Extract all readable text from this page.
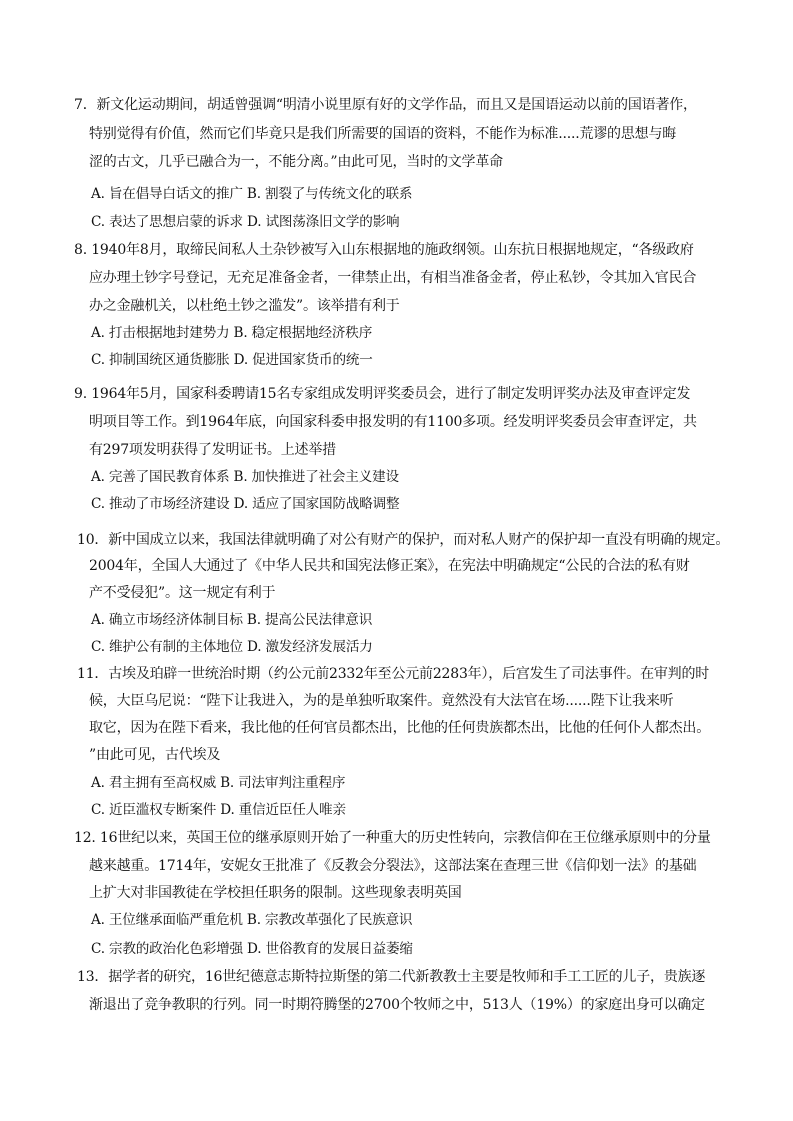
7．新文化运动期间，胡适曾强调“明清小说里原有好的文学作品，而且又是国语运动以前的国语著作，
特别觉得有价值，然而它们毕竟只是我们所需要的国语的资料，不能作为标准.....荒谬的思想与晦
涩的古文，几乎已融合为一，不能分离。”由此可见，当时的文学革命
A. 旨在倡导白话文的推广 B. 割裂了与传统文化的联系
C. 表达了思想启蒙的诉求 D. 试图荡涤旧文学的影响
8. 1940年8月，取缔民间私人土杂钞被写入山东根据地的施政纲领。山东抗日根据地规定，“各级政府
应办理土钞字号登记，无充足准备金者，一律禁止出，有相当准备金者，停止私钞，令其加入官民合
办之金融机关，以杜绝土钞之滥发”。该举措有利于
A. 打击根据地封建势力 B. 稳定根据地经济秩序
C. 抑制国统区通货膨胀 D. 促进国家货币的统一
9. 1964年5月，国家科委聘请15名专家组成发明评奖委员会，进行了制定发明评奖办法及审查评定发
明项目等工作。到1964年底，向国家科委申报发明的有1100多项。经发明评奖委员会审查评定，共
有297项发明获得了发明证书。上述举措
A. 完善了国民教育体系 B. 加快推进了社会主义建设
C. 推动了市场经济建设 D. 适应了国家国防战略调整
10．新中国成立以来，我国法律就明确了对公有财产的保护，而对私人财产的保护却一直没有明确的规定。
2004年，全国人大通过了《中华人民共和国宪法修正案》，在宪法中明确规定“公民的合法的私有财
产不受侵犯”。这一规定有利于
A. 确立市场经济体制目标 B. 提高公民法律意识
C. 维护公有制的主体地位 D. 激发经济发展活力
11．古埃及珀辟一世统治时期（约公元前2332年至公元前2283年），后宫发生了司法事件。在审判的时
候，大臣乌尼说：“陛下让我进入，为的是单独听取案件。竟然没有大法官在场......陛下让我来听
取它，因为在陛下看来，我比他的任何官员都杰出，比他的任何贵族都杰出，比他的任何仆人都杰出。
”由此可见，古代埃及
A. 君主拥有至高权威 B. 司法审判注重程序
C. 近臣滥权专断案件 D. 重信近臣任人唯亲
12. 16世纪以来，英国王位的继承原则开始了一种重大的历史性转向，宗教信仰在王位继承原则中的分量
越来越重。1714年，安妮女王批准了《反教会分裂法》，这部法案在查理三世《信仰划一法》的基础
上扩大对非国教徒在学校担任职务的限制。这些现象表明英国
A. 王位继承面临严重危机 B. 宗教改革强化了民族意识
C. 宗教的政治化色彩增强 D. 世俗教育的发展日益萎缩
13．据学者的研究，16世纪德意志斯特拉斯堡的第二代新教教士主要是牧师和手工工匠的儿子，贵族逐
渐退出了竞争教职的行列。同一时期符腾堡的2700个牧师之中，513人（19%）的家庭出身可以确定
